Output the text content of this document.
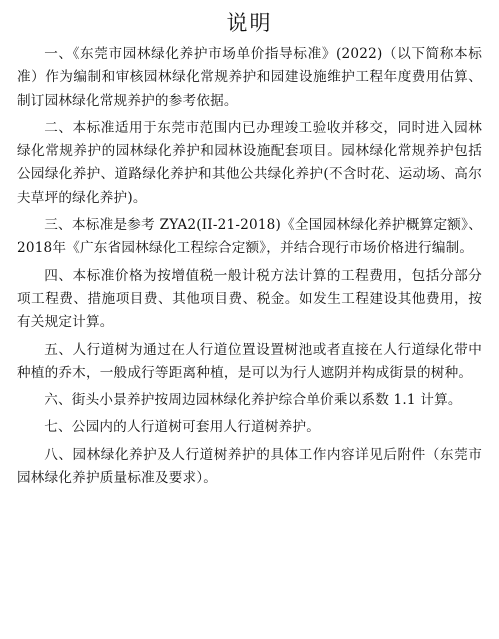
说明

一、《东莞市园林绿化养护市场单价指导标准》(2022)（以下简称本标准）作为编制和审核园林绿化常规养护和园建设施维护工程年度费用估算、制订园林绿化常规养护的参考依据。

二、本标准适用于东莞市范围内已办理竣工验收并移交，同时进入园林绿化常规养护的园林绿化养护和园林设施配套项目。园林绿化常规养护包括公园绿化养护、道路绿化养护和其他公共绿化养护(不含时花、运动场、高尔夫草坪的绿化养护)。

三、本标准是参考 ZYA2(II-21-2018)《全国园林绿化养护概算定额》、2018年《广东省园林绿化工程综合定额》，并结合现行市场价格进行编制。

四、本标准价格为按增值税一般计税方法计算的工程费用，包括分部分项工程费、措施项目费、其他项目费、税金。如发生工程建设其他费用，按有关规定计算。

五、人行道树为通过在人行道位置设置树池或者直接在人行道绿化带中种植的乔木，一般成行等距离种植，是可以为行人遮阴并构成街景的树种。

六、街头小景养护按周边园林绿化养护综合单价乘以系数 1.1 计算。

七、公园内的人行道树可套用人行道树养护。

八、园林绿化养护及人行道树养护的具体工作内容详见后附件（东莞市园林绿化养护质量标准及要求）。
